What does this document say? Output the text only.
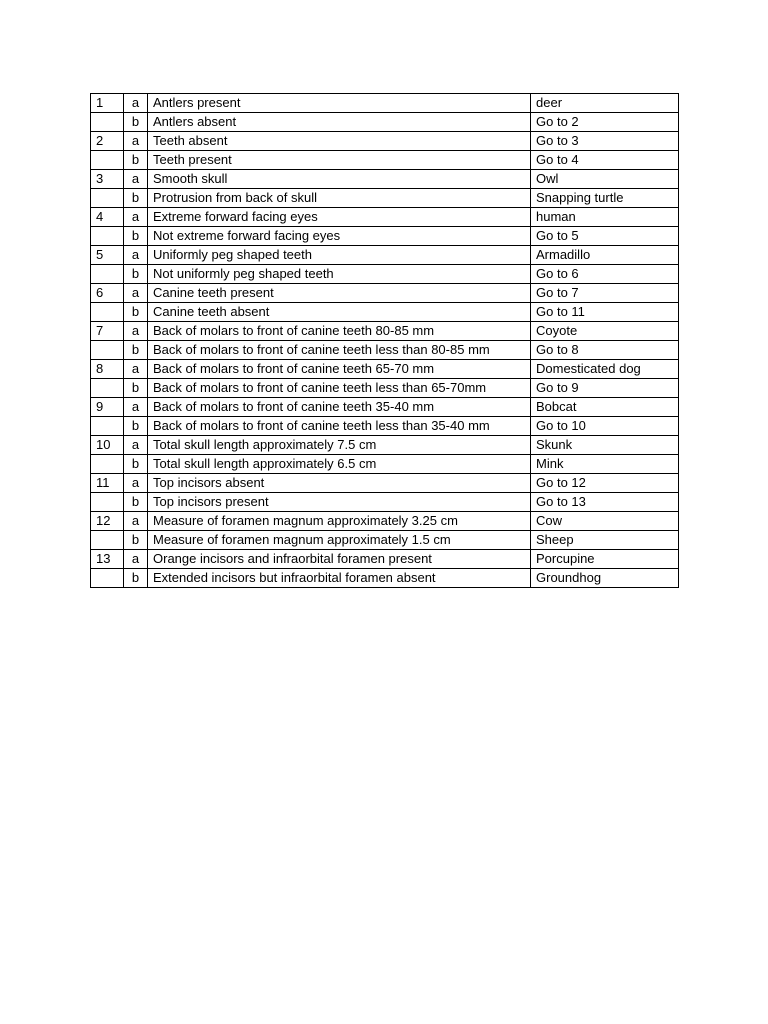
1	a	Antlers present	deer
	b	Antlers absent	Go to 2
2	a	Teeth absent	Go to 3
	b	Teeth present	Go to 4
3	a	Smooth skull	Owl
	b	Protrusion from back of skull	Snapping turtle
4	a	Extreme forward facing eyes	human
	b	Not extreme forward facing eyes	Go to 5
5	a	Uniformly peg shaped teeth	Armadillo
	b	Not uniformly peg shaped teeth	Go to 6
6	a	Canine teeth present	Go to 7
	b	Canine teeth absent	Go to 11
7	a	Back of molars to front of canine teeth 80-85 mm	Coyote
	b	Back of molars to front of canine teeth less than 80-85 mm	Go to 8
8	a	Back of molars to front of canine teeth 65-70 mm	Domesticated dog
	b	Back of molars to front of canine teeth less than 65-70mm	Go to 9
9	a	Back of molars to front of canine teeth 35-40 mm	Bobcat
	b	Back of molars to front of canine teeth less than 35-40 mm	Go to 10
10	a	Total skull length approximately 7.5 cm	Skunk
	b	Total skull length approximately 6.5 cm	Mink
11	a	Top incisors absent	Go to 12
	b	Top incisors present	Go to 13
12	a	Measure of foramen magnum approximately 3.25 cm	Cow
	b	Measure of foramen magnum approximately 1.5 cm	Sheep
13	a	Orange incisors and infraorbital foramen present	Porcupine
	b	Extended incisors but infraorbital foramen absent	Groundhog
